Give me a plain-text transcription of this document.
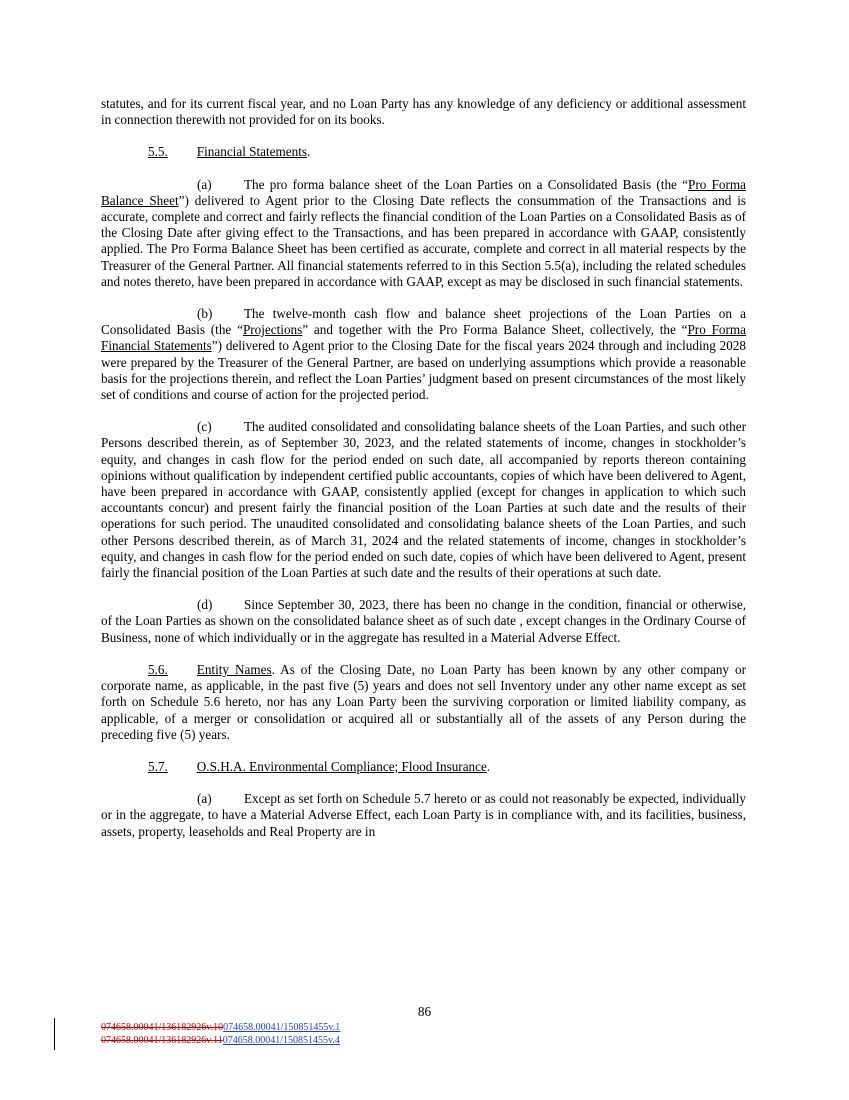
statutes, and for its current fiscal year, and no Loan Party has any knowledge of any deficiency or additional assessment in connection therewith not provided for on its books.

5.5. Financial Statements.

(a) The pro forma balance sheet of the Loan Parties on a Consolidated Basis (the “Pro Forma Balance Sheet”) delivered to Agent prior to the Closing Date reflects the consummation of the Transactions and is accurate, complete and correct and fairly reflects the financial condition of the Loan Parties on a Consolidated Basis as of the Closing Date after giving effect to the Transactions, and has been prepared in accordance with GAAP, consistently applied. The Pro Forma Balance Sheet has been certified as accurate, complete and correct in all material respects by the Treasurer of the General Partner. All financial statements referred to in this Section 5.5(a), including the related schedules and notes thereto, have been prepared in accordance with GAAP, except as may be disclosed in such financial statements.

(b) The twelve-month cash flow and balance sheet projections of the Loan Parties on a Consolidated Basis (the “Projections” and together with the Pro Forma Balance Sheet, collectively, the “Pro Forma Financial Statements”) delivered to Agent prior to the Closing Date for the fiscal years 2024 through and including 2028 were prepared by the Treasurer of the General Partner, are based on underlying assumptions which provide a reasonable basis for the projections therein, and reflect the Loan Parties’ judgment based on present circumstances of the most likely set of conditions and course of action for the projected period.

(c) The audited consolidated and consolidating balance sheets of the Loan Parties, and such other Persons described therein, as of September 30, 2023, and the related statements of income, changes in stockholder’s equity, and changes in cash flow for the period ended on such date, all accompanied by reports thereon containing opinions without qualification by independent certified public accountants, copies of which have been delivered to Agent, have been prepared in accordance with GAAP, consistently applied (except for changes in application to which such accountants concur) and present fairly the financial position of the Loan Parties at such date and the results of their operations for such period. The unaudited consolidated and consolidating balance sheets of the Loan Parties, and such other Persons described therein, as of March 31, 2024 and the related statements of income, changes in stockholder’s equity, and changes in cash flow for the period ended on such date, copies of which have been delivered to Agent, present fairly the financial position of the Loan Parties at such date and the results of their operations at such date.

(d) Since September 30, 2023, there has been no change in the condition, financial or otherwise, of the Loan Parties as shown on the consolidated balance sheet as of such date , except changes in the Ordinary Course of Business, none of which individually or in the aggregate has resulted in a Material Adverse Effect.

5.6. Entity Names. As of the Closing Date, no Loan Party has been known by any other company or corporate name, as applicable, in the past five (5) years and does not sell Inventory under any other name except as set forth on Schedule 5.6 hereto, nor has any Loan Party been the surviving corporation or limited liability company, as applicable, of a merger or consolidation or acquired all or substantially all of the assets of any Person during the preceding five (5) years.

5.7. O.S.H.A. Environmental Compliance; Flood Insurance.

(a) Except as set forth on Schedule 5.7 hereto or as could not reasonably be expected, individually or in the aggregate, to have a Material Adverse Effect, each Loan Party is in compliance with, and its facilities, business, assets, property, leaseholds and Real Property are in

86
074658.00041/136182926v.10074658.00041/150851455v.1
074658.00041/136182926v.11074658.00041/150851455v.4
